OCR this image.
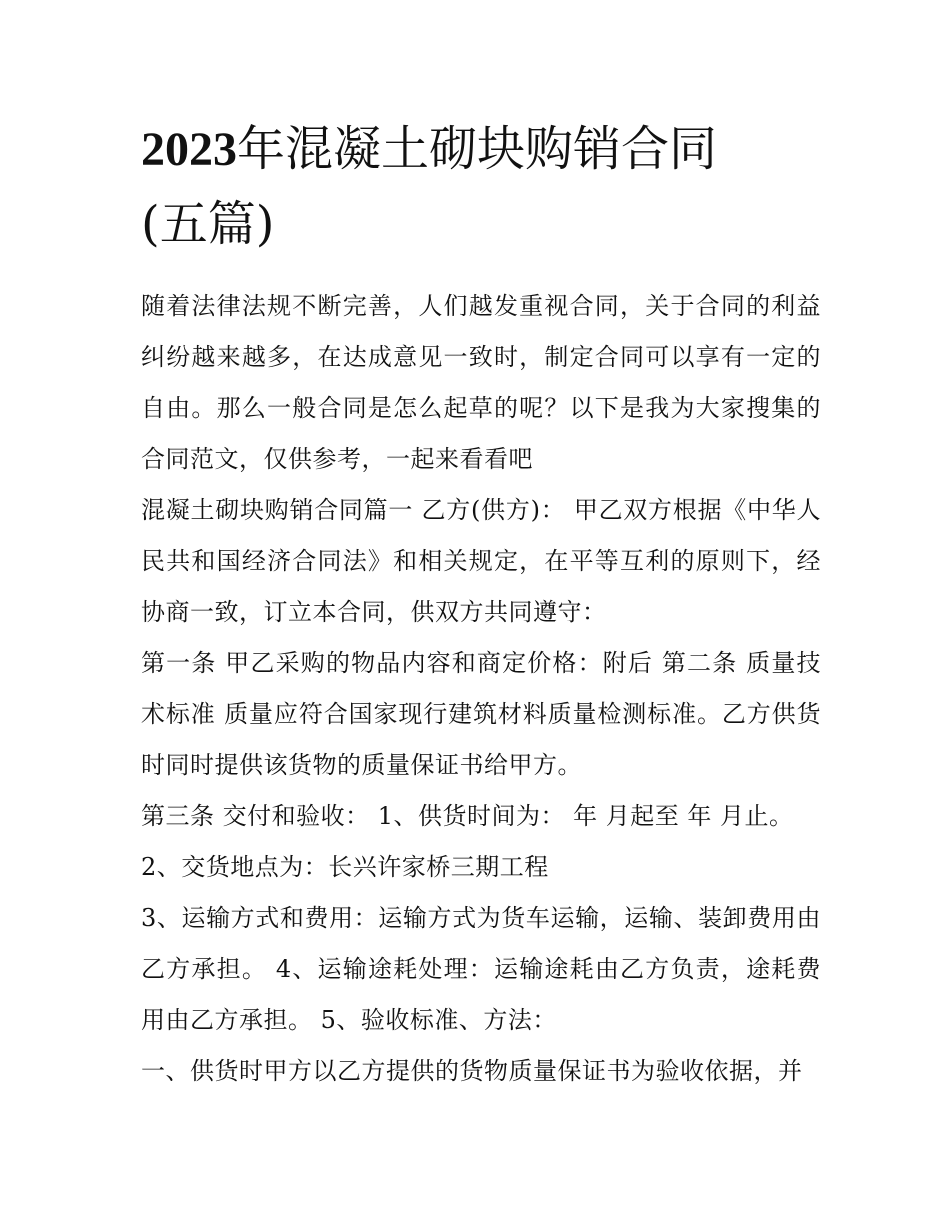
2023年混凝土砌块购销合同
(五篇)

随着法律法规不断完善，人们越发重视合同，关于合同的利益纠纷越来越多，在达成意见一致时，制定合同可以享有一定的自由。那么一般合同是怎么起草的呢？以下是我为大家搜集的合同范文，仅供参考，一起来看看吧

混凝土砌块购销合同篇一 乙方(供方)： 甲乙双方根据《中华人民共和国经济合同法》和相关规定，在平等互利的原则下，经协商一致，订立本合同，供双方共同遵守：

第一条 甲乙采购的物品内容和商定价格：附后 第二条 质量技术标准 质量应符合国家现行建筑材料质量检测标准。乙方供货时同时提供该货物的质量保证书给甲方。

第三条 交付和验收： 1、供货时间为： 年 月起至 年 月止。

2、交货地点为：长兴许家桥三期工程

3、运输方式和费用：运输方式为货车运输，运输、装卸费用由乙方承担。 4、运输途耗处理：运输途耗由乙方负责，途耗费用由乙方承担。 5、验收标准、方法：

一、供货时甲方以乙方提供的货物质量保证书为验收依据，并
